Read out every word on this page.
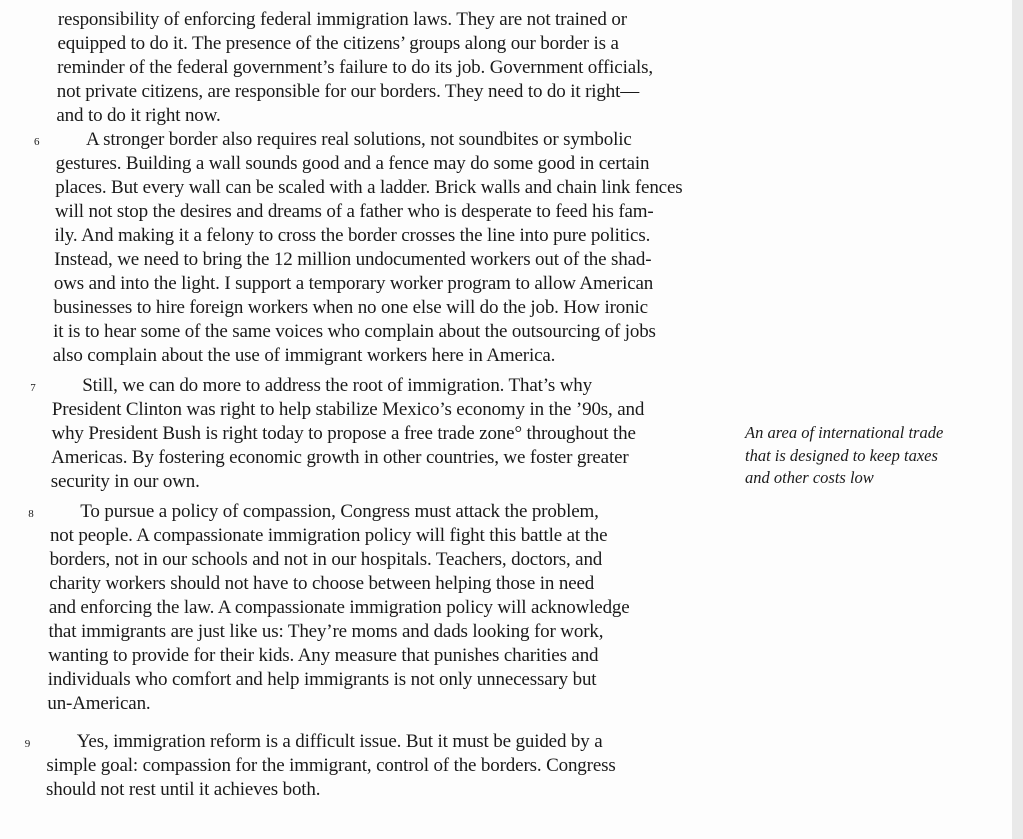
responsibility of enforcing federal immigration laws. They are not trained or
equipped to do it. The presence of the citizens’ groups along our border is a
reminder of the federal government’s failure to do its job. Government officials,
not private citizens, are responsible for our borders. They need to do it right—
and to do it right now.
A stronger border also requires real solutions, not soundbites or symbolic
6
gestures. Building a wall sounds good and a fence may do some good in certain
places. But every wall can be scaled with a ladder. Brick walls and chain link fences
will not stop the desires and dreams of a father who is desperate to feed his fam-
ily. And making it a felony to cross the border crosses the line into pure politics.
Instead, we need to bring the 12 million undocumented workers out of the shad-
ows and into the light. I support a temporary worker program to allow American
businesses to hire foreign workers when no one else will do the job. How ironic
it is to hear some of the same voices who complain about the outsourcing of jobs
also complain about the use of immigrant workers here in America.
Still, we can do more to address the root of immigration. That’s why
7
President Clinton was right to help stabilize Mexico’s economy in the ’90s, and
why President Bush is right today to propose a free trade zone° throughout the
Americas. By fostering economic growth in other countries, we foster greater
security in our own.
To pursue a policy of compassion, Congress must attack the problem,
8
not people. A compassionate immigration policy will fight this battle at the
borders, not in our schools and not in our hospitals. Teachers, doctors, and
charity workers should not have to choose between helping those in need
and enforcing the law. A compassionate immigration policy will acknowledge
that immigrants are just like us: They’re moms and dads looking for work,
wanting to provide for their kids. Any measure that punishes charities and
individuals who comfort and help immigrants is not only unnecessary but
un-American.
Yes, immigration reform is a difficult issue. But it must be guided by a
9
simple goal: compassion for the immigrant, control of the borders. Congress
should not rest until it achieves both.
An area of international trade
that is designed to keep taxes
and other costs low
